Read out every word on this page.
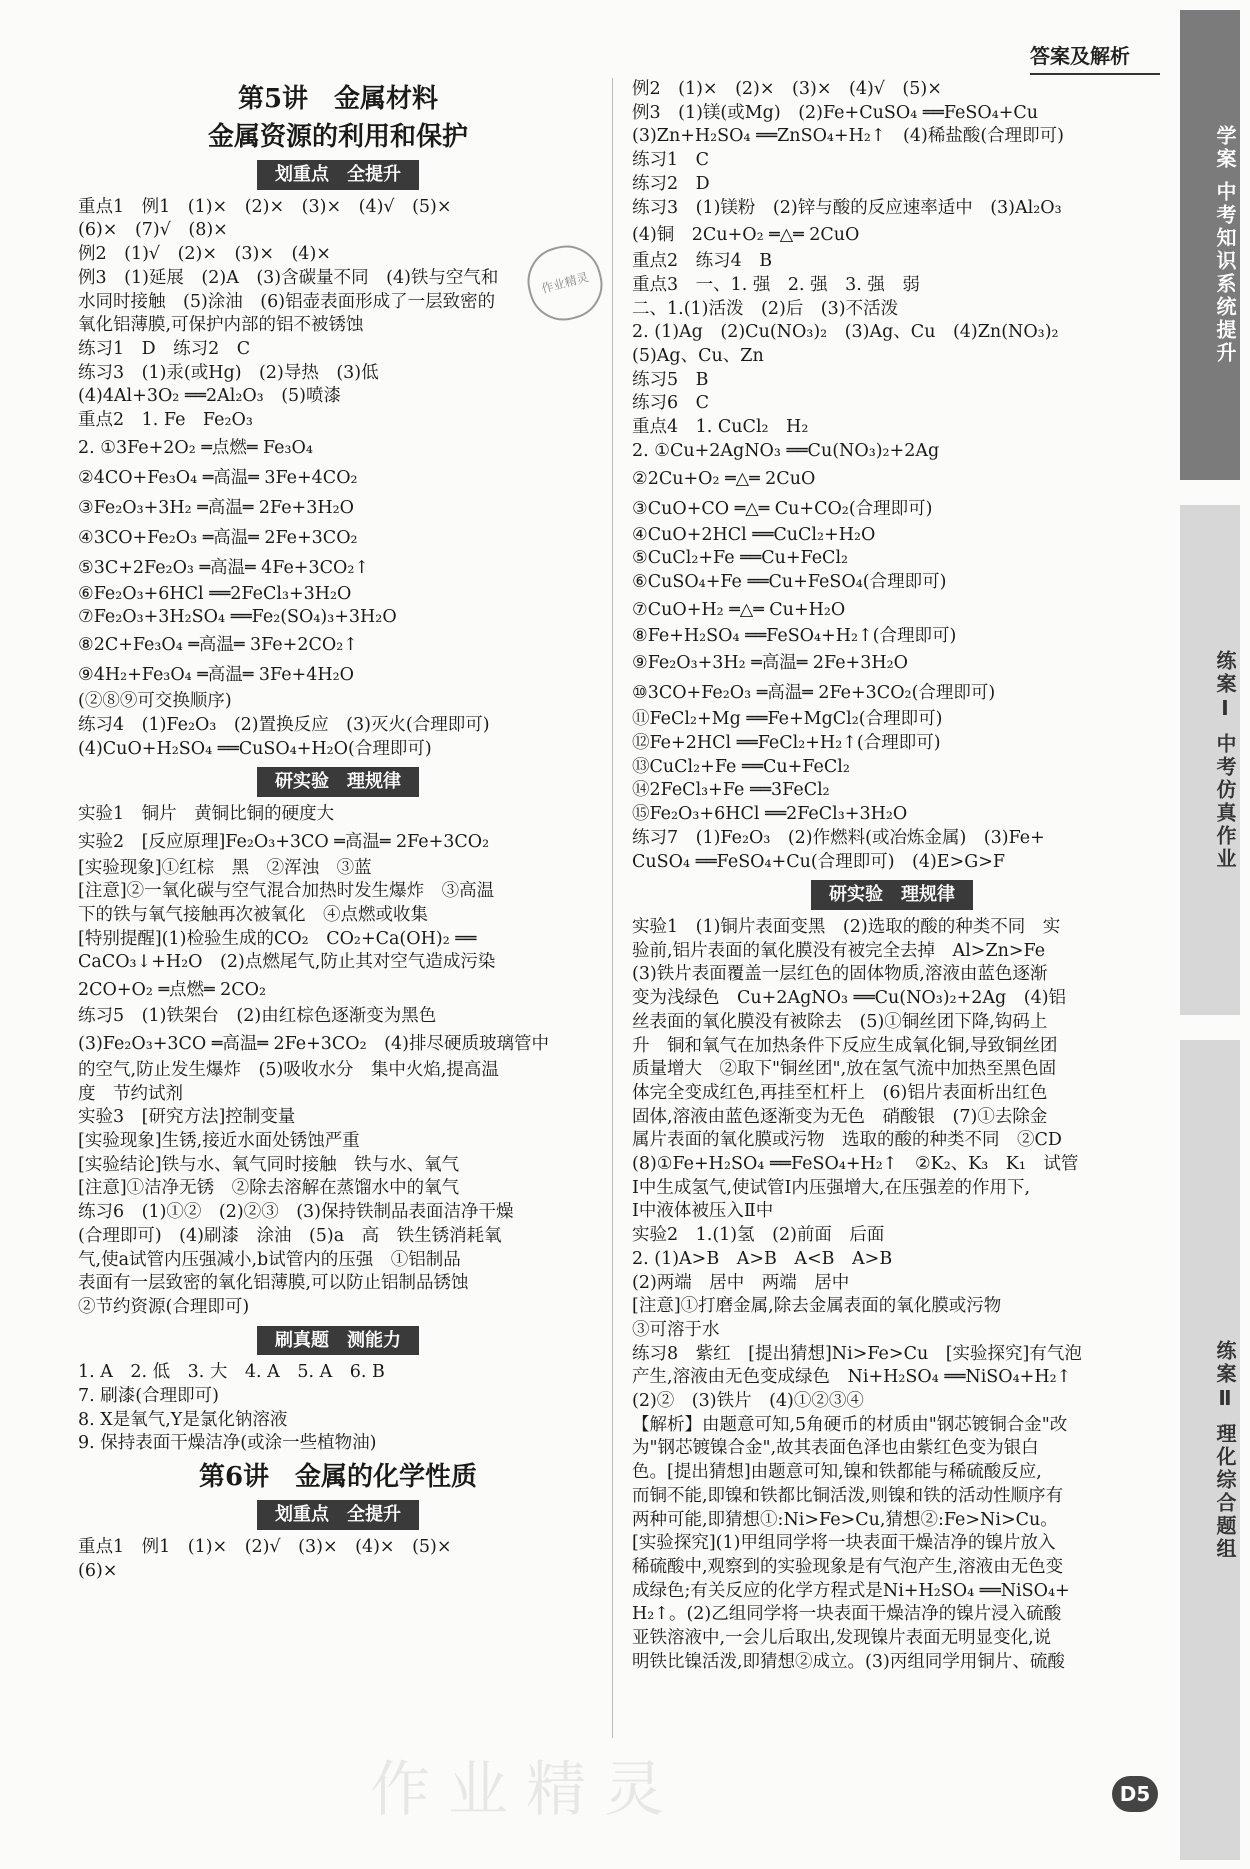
答案及解析
第5讲　金属材料
金属资源的利用和保护
划重点　全提升
重点1　例1　(1)×　(2)×　(3)×　(4)√　(5)×
(6)×　(7)√　(8)×
例2　(1)√　(2)×　(3)×　(4)×
例3　(1)延展　(2)A　(3)含碳量不同　(4)铁与空气和
水同时接触　(5)涂油　(6)铝壶表面形成了一层致密的
氧化铝薄膜,可保护内部的铝不被锈蚀
练习1　D　练习2　C
练习3　(1)汞(或Hg)　(2)导热　(3)低
(4)4Al+3O₂ ══2Al₂O₃　(5)喷漆
重点2　1. Fe　Fe₂O₃
2. ①3Fe+2O₂ ═点燃═ Fe₃O₄
②4CO+Fe₃O₄ ═高温═ 3Fe+4CO₂
③Fe₂O₃+3H₂ ═高温═ 2Fe+3H₂O
④3CO+Fe₂O₃ ═高温═ 2Fe+3CO₂
⑤3C+2Fe₂O₃ ═高温═ 4Fe+3CO₂↑
⑥Fe₂O₃+6HCl ══2FeCl₃+3H₂O
⑦Fe₂O₃+3H₂SO₄ ══Fe₂(SO₄)₃+3H₂O
⑧2C+Fe₃O₄ ═高温═ 3Fe+2CO₂↑
⑨4H₂+Fe₃O₄ ═高温═ 3Fe+4H₂O
(②⑧⑨可交换顺序)
练习4　(1)Fe₂O₃　(2)置换反应　(3)灭火(合理即可)
(4)CuO+H₂SO₄ ══CuSO₄+H₂O(合理即可)
研实验　理规律
实验1　铜片　黄铜比铜的硬度大
实验2　[反应原理]Fe₂O₃+3CO ═高温═ 2Fe+3CO₂
[实验现象]①红棕　黑　②浑浊　③蓝
[注意]②一氧化碳与空气混合加热时发生爆炸　③高温
下的铁与氧气接触再次被氧化　④点燃或收集
[特别提醒](1)检验生成的CO₂　CO₂+Ca(OH)₂ ══
CaCO₃↓+H₂O　(2)点燃尾气,防止其对空气造成污染
2CO+O₂ ═点燃═ 2CO₂
练习5　(1)铁架台　(2)由红棕色逐渐变为黑色
(3)Fe₂O₃+3CO ═高温═ 2Fe+3CO₂　(4)排尽硬质玻璃管中
的空气,防止发生爆炸　(5)吸收水分　集中火焰,提高温
度　节约试剂
实验3　[研究方法]控制变量
[实验现象]生锈,接近水面处锈蚀严重
[实验结论]铁与水、氧气同时接触　铁与水、氧气
[注意]①洁净无锈　②除去溶解在蒸馏水中的氧气
练习6　(1)①②　(2)②③　(3)保持铁制品表面洁净干燥
(合理即可)　(4)刷漆　涂油　(5)a　高　铁生锈消耗氧
气,使a试管内压强减小,b试管内的压强　①铝制品
表面有一层致密的氧化铝薄膜,可以防止铝制品锈蚀
②节约资源(合理即可)
刷真题　测能力
1. A　2. 低　3. 大　4. A　5. A　6. B
7. 刷漆(合理即可)
8. X是氧气,Y是氯化钠溶液
9. 保持表面干燥洁净(或涂一些植物油)
第6讲　金属的化学性质
划重点　全提升
重点1　例1　(1)×　(2)√　(3)×　(4)×　(5)×
(6)×
例2　(1)×　(2)×　(3)×　(4)√　(5)×
例3　(1)镁(或Mg)　(2)Fe+CuSO₄ ══FeSO₄+Cu
(3)Zn+H₂SO₄ ══ZnSO₄+H₂↑　(4)稀盐酸(合理即可)
练习1　C
练习2　D
练习3　(1)镁粉　(2)锌与酸的反应速率适中　(3)Al₂O₃
(4)铜　2Cu+O₂ ═△═ 2CuO
重点2　练习4　B
重点3　一、1. 强　2. 强　3. 强　弱
二、1.(1)活泼　(2)后　(3)不活泼
2. (1)Ag　(2)Cu(NO₃)₂　(3)Ag、Cu　(4)Zn(NO₃)₂
(5)Ag、Cu、Zn
练习5　B
练习6　C
重点4　1. CuCl₂　H₂
2. ①Cu+2AgNO₃ ══Cu(NO₃)₂+2Ag
②2Cu+O₂ ═△═ 2CuO
③CuO+CO ═△═ Cu+CO₂(合理即可)
④CuO+2HCl ══CuCl₂+H₂O
⑤CuCl₂+Fe ══Cu+FeCl₂
⑥CuSO₄+Fe ══Cu+FeSO₄(合理即可)
⑦CuO+H₂ ═△═ Cu+H₂O
⑧Fe+H₂SO₄ ══FeSO₄+H₂↑(合理即可)
⑨Fe₂O₃+3H₂ ═高温═ 2Fe+3H₂O
⑩3CO+Fe₂O₃ ═高温═ 2Fe+3CO₂(合理即可)
⑪FeCl₂+Mg ══Fe+MgCl₂(合理即可)
⑫Fe+2HCl ══FeCl₂+H₂↑(合理即可)
⑬CuCl₂+Fe ══Cu+FeCl₂
⑭2FeCl₃+Fe ══3FeCl₂
⑮Fe₂O₃+6HCl ══2FeCl₃+3H₂O
练习7　(1)Fe₂O₃　(2)作燃料(或冶炼金属)　(3)Fe+
CuSO₄ ══FeSO₄+Cu(合理即可)　(4)E>G>F
研实验　理规律
实验1　(1)铜片表面变黑　(2)选取的酸的种类不同　实
验前,铝片表面的氧化膜没有被完全去掉　Al>Zn>Fe
(3)铁片表面覆盖一层红色的固体物质,溶液由蓝色逐渐
变为浅绿色　Cu+2AgNO₃ ══Cu(NO₃)₂+2Ag　(4)铝
丝表面的氧化膜没有被除去　(5)①铜丝团下降,钩码上
升　铜和氧气在加热条件下反应生成氧化铜,导致铜丝团
质量增大　②取下"铜丝团",放在氢气流中加热至黑色固
体完全变成红色,再挂至杠杆上　(6)铝片表面析出红色
固体,溶液由蓝色逐渐变为无色　硝酸银　(7)①去除金
属片表面的氧化膜或污物　选取的酸的种类不同　②CD
(8)①Fe+H₂SO₄ ══FeSO₄+H₂↑　②K₂、K₃　K₁　试管
Ⅰ中生成氢气,使试管Ⅰ内压强增大,在压强差的作用下,
Ⅰ中液体被压入Ⅱ中
实验2　1.(1)氢　(2)前面　后面
2. (1)A>B　A>B　A<B　A>B
(2)两端　居中　两端　居中
[注意]①打磨金属,除去金属表面的氧化膜或污物
③可溶于水
练习8　紫红　[提出猜想]Ni>Fe>Cu　[实验探究]有气泡
产生,溶液由无色变成绿色　Ni+H₂SO₄ ══NiSO₄+H₂↑
(2)②　(3)铁片　(4)①②③④
【解析】由题意可知,5角硬币的材质由"钢芯镀铜合金"改
为"钢芯镀镍合金",故其表面色泽也由紫红色变为银白
色。[提出猜想]由题意可知,镍和铁都能与稀硫酸反应,
而铜不能,即镍和铁都比铜活泼,则镍和铁的活动性顺序有
两种可能,即猜想①:Ni>Fe>Cu,猜想②:Fe>Ni>Cu。
[实验探究](1)甲组同学将一块表面干燥洁净的镍片放入
稀硫酸中,观察到的实验现象是有气泡产生,溶液由无色变
成绿色;有关反应的化学方程式是Ni+H₂SO₄ ══NiSO₄+
H₂↑。(2)乙组同学将一块表面干燥洁净的镍片浸入硫酸
亚铁溶液中,一会儿后取出,发现镍片表面无明显变化,说
明铁比镍活泼,即猜想②成立。(3)丙组同学用铜片、硫酸
学案 中考知识系统提升
练案Ⅰ 中考仿真作业
练案Ⅱ 理化综合题组
D5
作业精灵
作业精灵
